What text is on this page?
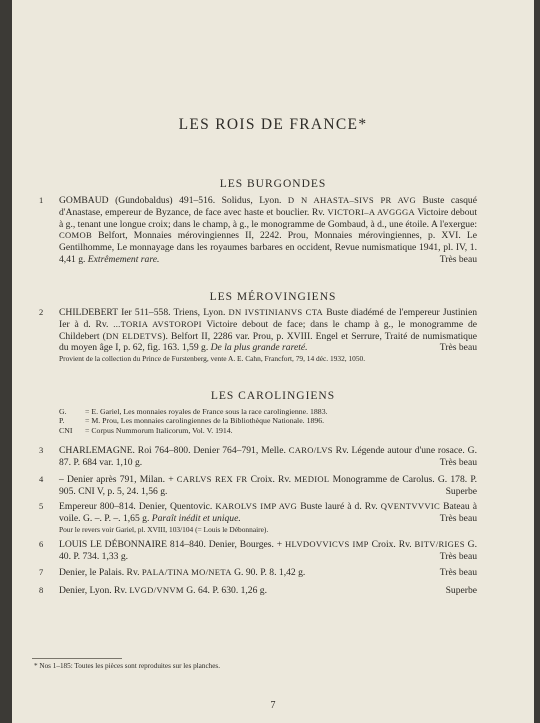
LES ROIS DE FRANCE*
LES BURGONDES
1 GOMBAUD (Gundobaldus) 491–516. Solidus, Lyon. D N AHASTA–SIVS PR AVG Buste casqué d'Anastase, empereur de Byzance, de face avec haste et bouclier. Rv. VICTORI–A AVGGGA Victoire debout à g., tenant une longue croix; dans le champ, à g., le monogramme de Gombaud, à d., une étoile. A l'exergue: COMOB Belfort, Monnaies mérovingiennes II, 2242. Prou, Monnaies mérovingiennes, p. XVI. Le Gentilhomme, Le monnayage dans les royaumes barbares en occident, Revue numismatique 1941, pl. IV, 1. 4,41 g. Extrêmement rare.	Très beau
LES MÉROVINGIENS
2 CHILDEBERT Ier 511–558. Triens, Lyon. DN IVSTINIANVS CTA Buste diadémé de l'empereur Justinien Ier à d. Rv. ...TORIA AVSTOROPI Victoire debout de face; dans le champ à g., le monogramme de Childebert (DN ELDETVS). Belfort II, 2286 var. Prou, p. XVIII. Engel et Serrure, Traité de numismatique du moyen âge I, p. 62, fig. 163. 1,59 g. De la plus grande rareté.	Très beau
Provient de la collection du Prince de Furstenberg, vente A. E. Cahn, Francfort, 79, 14 déc. 1932, 1050.
LES CAROLINGIENS
G. = E. Gariel, Les monnaies royales de France sous la race carolingienne. 1883.
P.	= M. Prou, Les monnaies carolingiennes de la Bibliothèque Nationale. 1896.
CNI = Corpus Nummorum Italicorum, Vol. V. 1914.
3 CHARLEMAGNE. Roi 764–800. Denier 764–791, Melle. CARO/LVS Rv. Légende autour d'une rosace. G. 87. P. 684 var. 1,10 g.	Très beau
4 – Denier après 791, Milan. + CARLVS REX FR Croix. Rv. MEDIOL Monogramme de Carolus. G. 178. P. 905. CNI V, p. 5, 24. 1,56 g.	Superbe
5 Empereur 800–814. Denier, Quentovic. KAROLVS IMP AVG Buste lauré à d. Rv. QVENTVVVIC Bateau à voile. G. –. P. –. 1,65 g. Paraît inédit et unique.	Très beau
Pour le revers voir Gariel, pl. XVIII, 103/104 (= Louis le Débonnaire).
6 LOUIS LE DÉBONNAIRE 814–840. Denier, Bourges. + HLVDOVVICVS IMP Croix. Rv. BITV/RIGES G. 40. P. 734. 1,33 g.	Très beau
7 Denier, le Palais. Rv. PALA/TINA MO/NETA G. 90. P. 8. 1,42 g.	Très beau
8 Denier, Lyon. Rv. LVGD/VNVM G. 64. P. 630. 1,26 g.	Superbe
* Nos 1–185: Toutes les pièces sont reproduites sur les planches.
7
